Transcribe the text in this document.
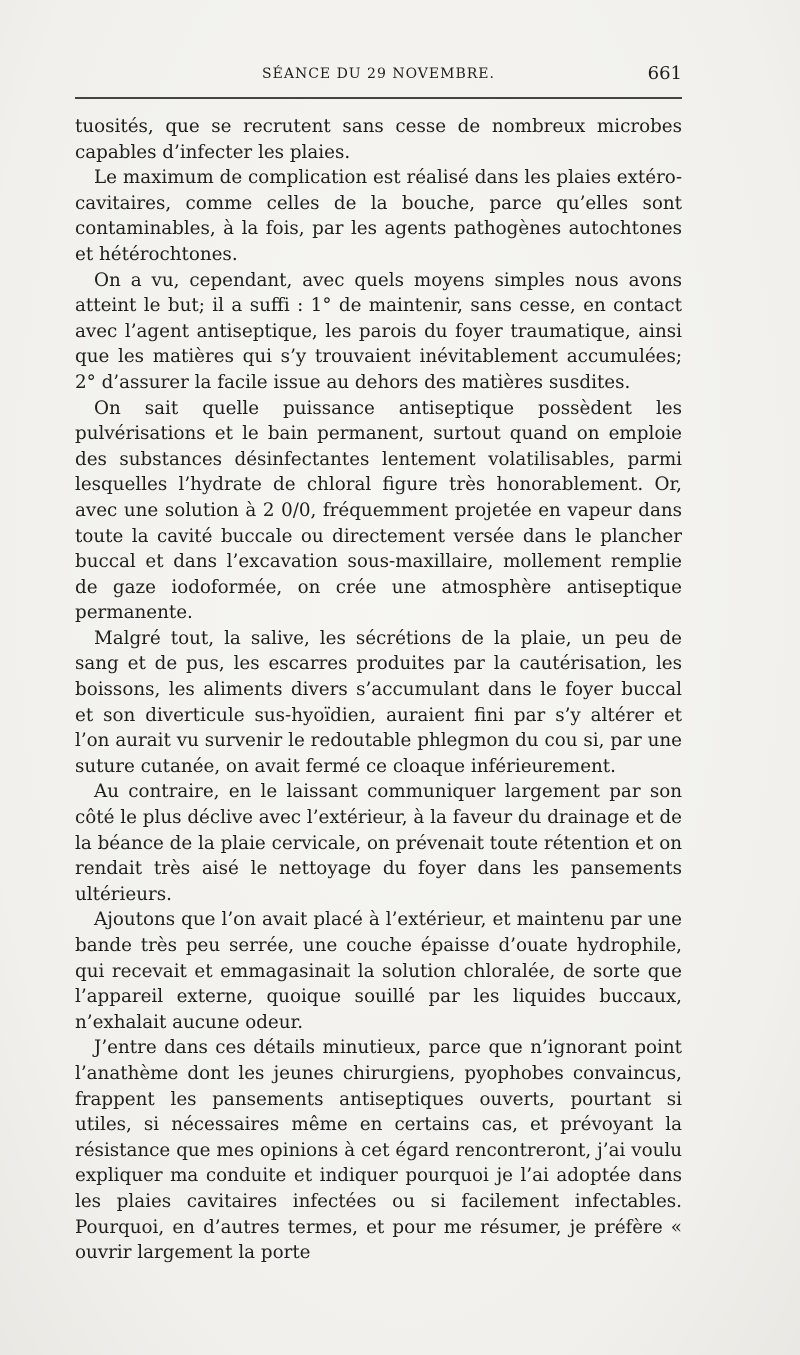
SÉANCE DU 29 NOVEMBRE.	661

tuosités, que se recrutent sans cesse de nombreux microbes capables d’infecter les plaies.

Le maximum de complication est réalisé dans les plaies extéro-cavitaires, comme celles de la bouche, parce qu’elles sont contaminables, à la fois, par les agents pathogènes autochtones et hétérochtones.

On a vu, cependant, avec quels moyens simples nous avons atteint le but; il a suffi : 1° de maintenir, sans cesse, en contact avec l’agent antiseptique, les parois du foyer traumatique, ainsi que les matières qui s’y trouvaient inévitablement accumulées; 2° d’assurer la facile issue au dehors des matières susdites.

On sait quelle puissance antiseptique possèdent les pulvérisations et le bain permanent, surtout quand on emploie des substances désinfectantes lentement volatilisables, parmi lesquelles l’hydrate de chloral figure très honorablement. Or, avec une solution à 2 0/0, fréquemment projetée en vapeur dans toute la cavité buccale ou directement versée dans le plancher buccal et dans l’excavation sous-maxillaire, mollement remplie de gaze iodoformée, on crée une atmosphère antiseptique permanente.

Malgré tout, la salive, les sécrétions de la plaie, un peu de sang et de pus, les escarres produites par la cautérisation, les boissons, les aliments divers s’accumulant dans le foyer buccal et son diverticule sus-hyoïdien, auraient fini par s’y altérer et l’on aurait vu survenir le redoutable phlegmon du cou si, par une suture cutanée, on avait fermé ce cloaque inférieurement.

Au contraire, en le laissant communiquer largement par son côté le plus déclive avec l’extérieur, à la faveur du drainage et de la béance de la plaie cervicale, on prévenait toute rétention et on rendait très aisé le nettoyage du foyer dans les pansements ultérieurs.

Ajoutons que l’on avait placé à l’extérieur, et maintenu par une bande très peu serrée, une couche épaisse d’ouate hydrophile, qui recevait et emmagasinait la solution chloralée, de sorte que l’appareil externe, quoique souillé par les liquides buccaux, n’exhalait aucune odeur.

J’entre dans ces détails minutieux, parce que n’ignorant point l’anathème dont les jeunes chirurgiens, pyophobes convaincus, frappent les pansements antiseptiques ouverts, pourtant si utiles, si nécessaires même en certains cas, et prévoyant la résistance que mes opinions à cet égard rencontreront, j’ai voulu expliquer ma conduite et indiquer pourquoi je l’ai adoptée dans les plaies cavitaires infectées ou si facilement infectables. Pourquoi, en d’autres termes, et pour me résumer, je préfère « ouvrir largement la porte
